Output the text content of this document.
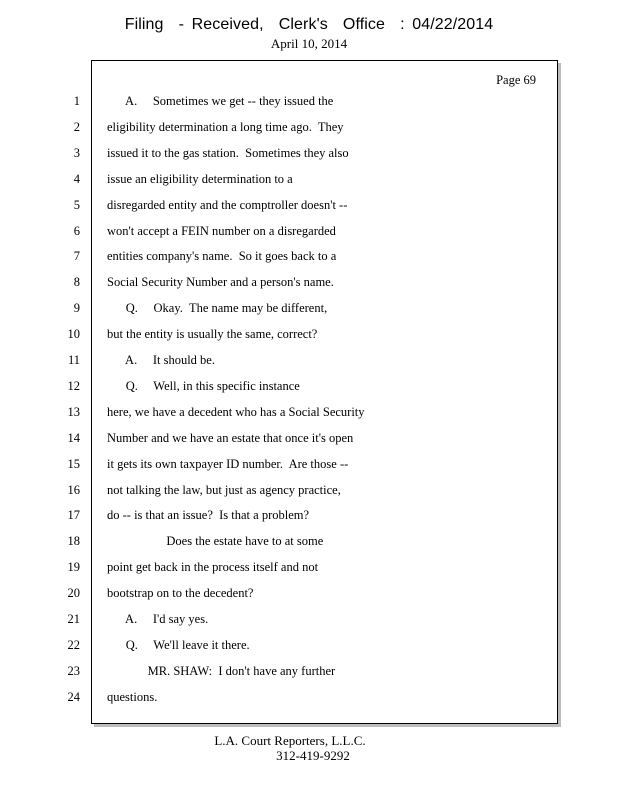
Filing  - Received,  Clerk's  Office  : 04/22/2014
April 10, 2014
Page 69
1 A.     Sometimes we get -- they issued the
2 eligibility determination a long time ago.  They
3 issued it to the gas station.  Sometimes they also
4 issue an eligibility determination to a
5 disregarded entity and the comptroller doesn't --
6 won't accept a FEIN number on a disregarded
7 entities company's name.  So it goes back to a
8 Social Security Number and a person's name.
9 Q.     Okay.  The name may be different,
10 but the entity is usually the same, correct?
11 A.     It should be.
12 Q.     Well, in this specific instance
13 here, we have a decedent who has a Social Security
14 Number and we have an estate that once it's open
15 it gets its own taxpayer ID number.  Are those --
16 not talking the law, but just as agency practice,
17 do -- is that an issue?  Is that a problem?
18 Does the estate have to at some
19 point get back in the process itself and not
20 bootstrap on to the decedent?
21 A.     I'd say yes.
22 Q.     We'll leave it there.
23 MR. SHAW:  I don't have any further
24 questions.
L.A. Court Reporters, L.L.C.
312-419-9292
